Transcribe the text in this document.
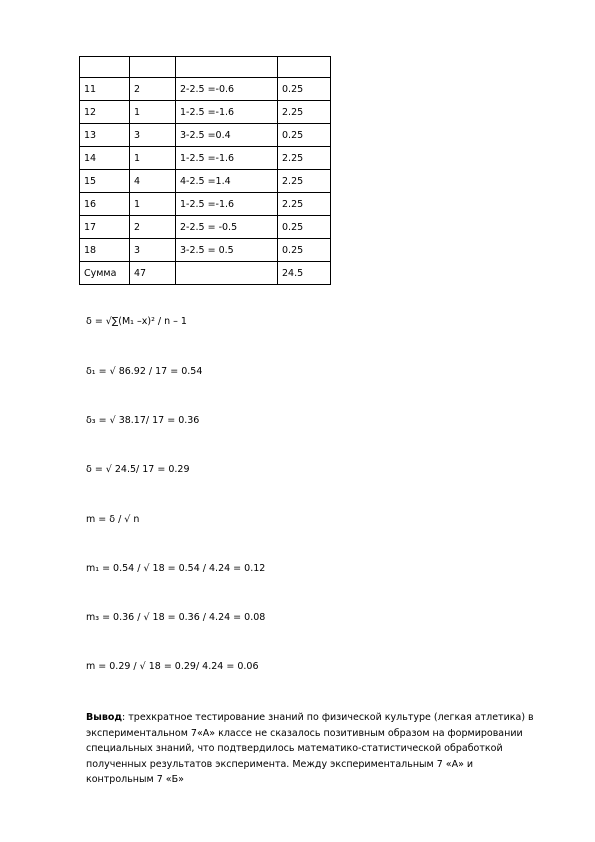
11	2	2-2.5 =-0.6	0.25
12	1	1-2.5 =-1.6	2.25
13	3	3-2.5 =0.4	0.25
14	1	1-2.5 =-1.6	2.25
15	4	4-2.5 =1.4	2.25
16	1	1-2.5 =-1.6	2.25
17	2	2-2.5 = -0.5	0.25
18	3	3-2.5 = 0.5	0.25
Сумма	47		24.5
δ = √∑(M₁ –x)² / n – 1
δ₁ = √ 86.92 / 17 = 0.54
δ₃ = √ 38.17/ 17 = 0.36
δ = √ 24.5/ 17 = 0.29
m = δ / √ n
m₁ = 0.54 / √ 18 = 0.54 / 4.24 = 0.12
m₃ = 0.36 / √ 18 = 0.36 / 4.24 = 0.08
m = 0.29 / √ 18 = 0.29/ 4.24 = 0.06
Вывод: трехкратное тестирование знаний по физической культуре (легкая атлетика) в экспериментальном 7«А» классе не сказалось позитивным образом на формировании специальных знаний, что подтвердилось математико-статистической обработкой полученных результатов эксперимента. Между экспериментальным 7 «А» и контрольным 7 «Б»
